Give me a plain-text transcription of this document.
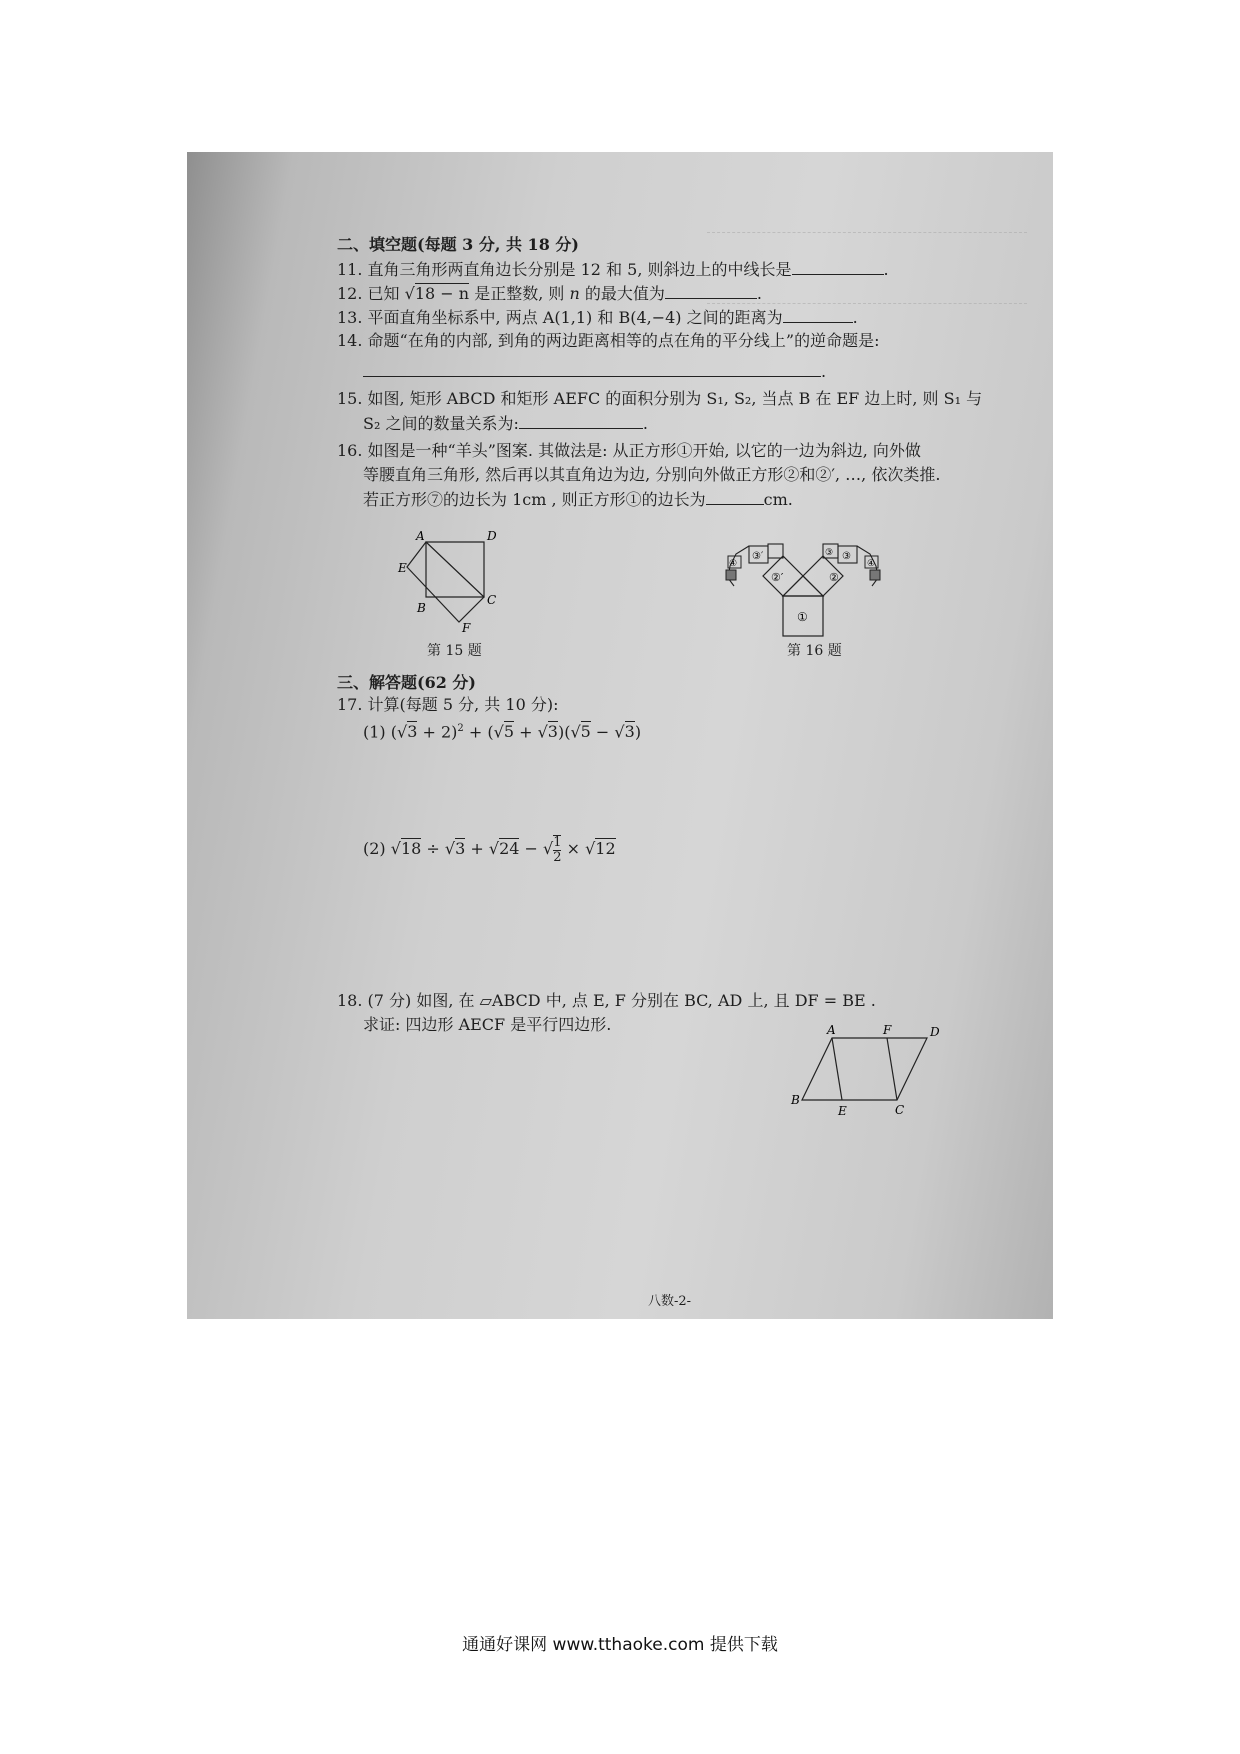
二、填空题(每题 3 分, 共 18 分)
11. 直角三角形两直角边长分别是 12 和 5, 则斜边上的中线长是	.
12. 已知 √18 − n 是正整数, 则 n 的最大值为	.
13. 平面直角坐标系中, 两点 A(1,1) 和 B(4,−4) 之间的距离为	.
14. 命题“在角的内部, 到角的两边距离相等的点在角的平分线上”的逆命题是:
.
15. 如图, 矩形 ABCD 和矩形 AEFC 的面积分别为 S₁, S₂, 当点 B 在 EF 边上时, 则 S₁ 与
S₂ 之间的数量关系为:	.
16. 如图是一种“羊头”图案. 其做法是: 从正方形①开始, 以它的一边为斜边, 向外做
等腰直角三角形, 然后再以其直角边为边, 分别向外做正方形②和②′, …, 依次类推.
若正方形⑦的边长为 1cm , 则正方形①的边长为	cm.
A	D
E
B
C
F
第 15 题
①
②
②′
③
③′	③
④	④
第 16 题
三、解答题(62 分)
17. 计算(每题 5 分, 共 10 分):
(1) $(√3 + 2)^2 + (√5 + √3)(√5 - √3)$
(2) √18 ÷ √3 + √24 − √ $\frac{1}{2} \times √12$
18. (7 分) 如图, 在 ▱ABCD 中, 点 E, F 分别在 BC, AD 上, 且 DF = BE .
求证: 四边形 AECF 是平行四边形.	A	F	D
B
E	C
八数-2-
通通好课网 www.tthaoke.com 提供下载
